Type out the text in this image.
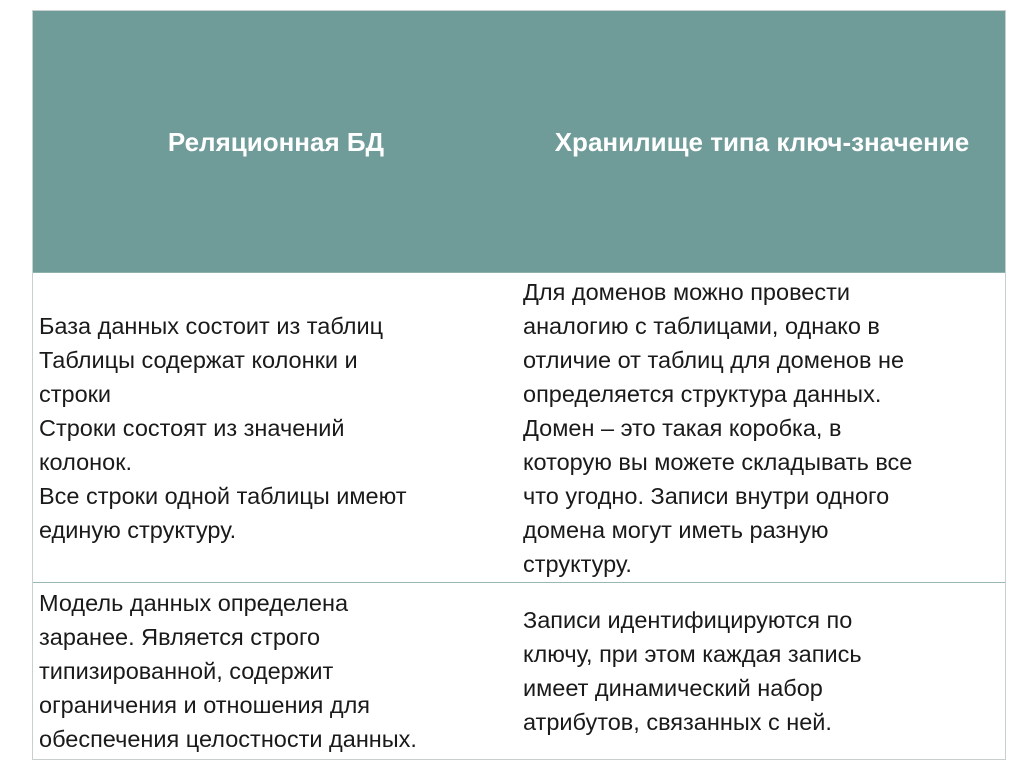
Реляционная БД	Хранилище типа ключ-значение
База данных состоит из таблиц
Таблицы содержат колонки и
строки
Строки состоят из значений
колонок.
Все строки одной таблицы имеют
единую структуру.
Для доменов можно провести
аналогию с таблицами, однако в
отличие от таблиц для доменов не
определяется структура данных.
Домен – это такая коробка, в
которую вы можете складывать все
что угодно. Записи внутри одного
домена могут иметь разную
структуру.
Модель данных определена
заранее. Является строго
типизированной, содержит
ограничения и отношения для
обеспечения целостности данных.
Записи идентифицируются по
ключу, при этом каждая запись
имеет динамический набор
атрибутов, связанных с ней.
